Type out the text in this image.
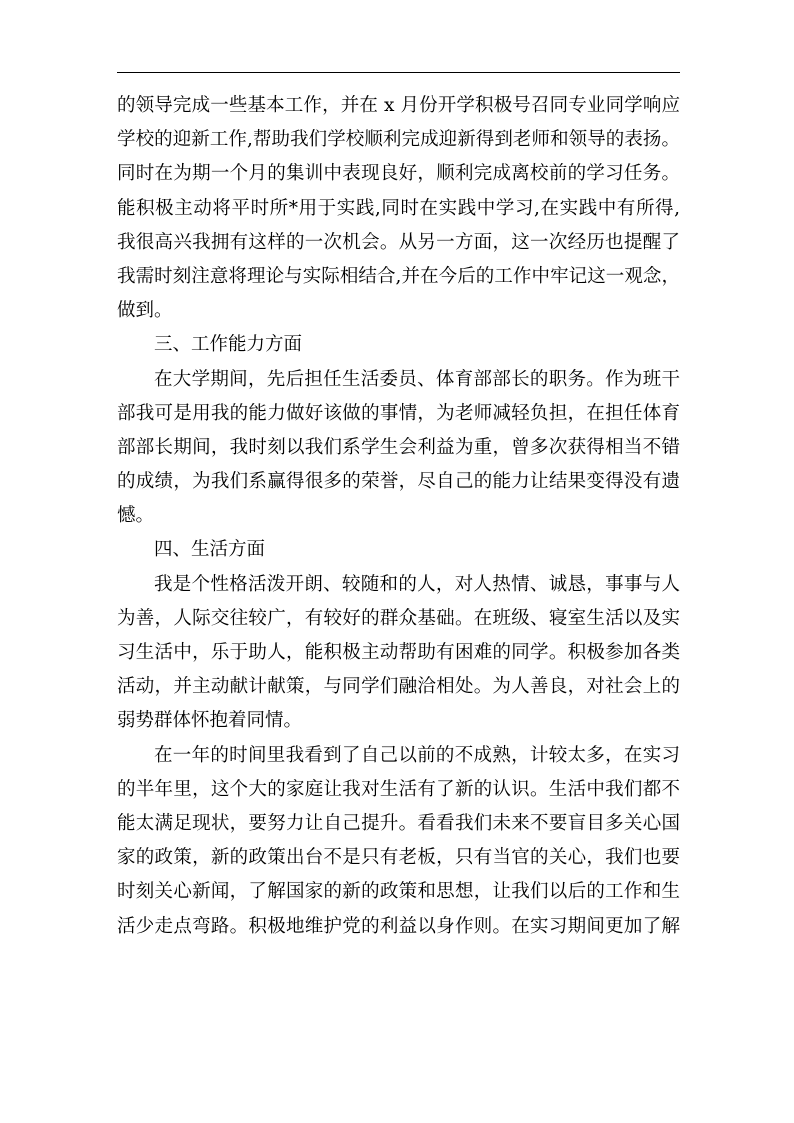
的领导完成一些基本工作，并在 x 月份开学积极号召同专业同学响应
学校的迎新工作,帮助我们学校顺利完成迎新得到老师和领导的表扬。
同时在为期一个月的集训中表现良好，顺利完成离校前的学习任务。
能积极主动将平时所*用于实践,同时在实践中学习,在实践中有所得,
我很高兴我拥有这样的一次机会。从另一方面，这一次经历也提醒了
我需时刻注意将理论与实际相结合,并在今后的工作中牢记这一观念，
做到。
三、工作能力方面
在大学期间，先后担任生活委员、体育部部长的职务。作为班干
部我可是用我的能力做好该做的事情，为老师减轻负担，在担任体育
部部长期间，我时刻以我们系学生会利益为重，曾多次获得相当不错
的成绩，为我们系赢得很多的荣誉，尽自己的能力让结果变得没有遗
憾。
四、生活方面
我是个性格活泼开朗、较随和的人，对人热情、诚恳，事事与人
为善，人际交往较广，有较好的群众基础。在班级、寝室生活以及实
习生活中，乐于助人，能积极主动帮助有困难的同学。积极参加各类
活动，并主动献计献策，与同学们融洽相处。为人善良，对社会上的
弱势群体怀抱着同情。
在一年的时间里我看到了自己以前的不成熟，计较太多，在实习
的半年里，这个大的家庭让我对生活有了新的认识。生活中我们都不
能太满足现状，要努力让自己提升。看看我们未来不要盲目多关心国
家的政策，新的政策出台不是只有老板，只有当官的关心，我们也要
时刻关心新闻，了解国家的新的政策和思想，让我们以后的工作和生
活少走点弯路。积极地维护党的利益以身作则。在实习期间更加了解
